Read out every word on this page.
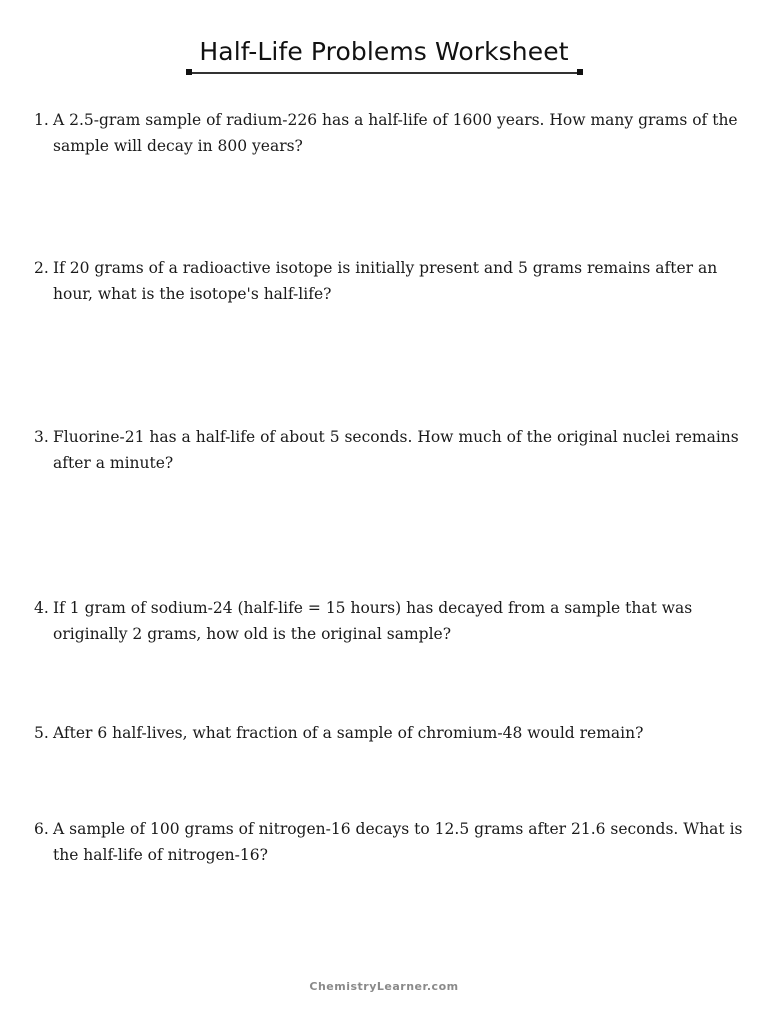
Half-Life Problems Worksheet
1. A 2.5-gram sample of radium-226 has a half-life of 1600 years. How many grams of the sample will decay in 800 years?
2. If 20 grams of a radioactive isotope is initially present and 5 grams remains after an hour, what is the isotope's half-life?
3. Fluorine-21 has a half-life of about 5 seconds. How much of the original nuclei remains after a minute?
4. If 1 gram of sodium-24 (half-life = 15 hours) has decayed from a sample that was originally 2 grams, how old is the original sample?
5. After 6 half-lives, what fraction of a sample of chromium-48 would remain?
6. A sample of 100 grams of nitrogen-16 decays to 12.5 grams after 21.6 seconds. What is the half-life of nitrogen-16?
ChemistryLearner.com
